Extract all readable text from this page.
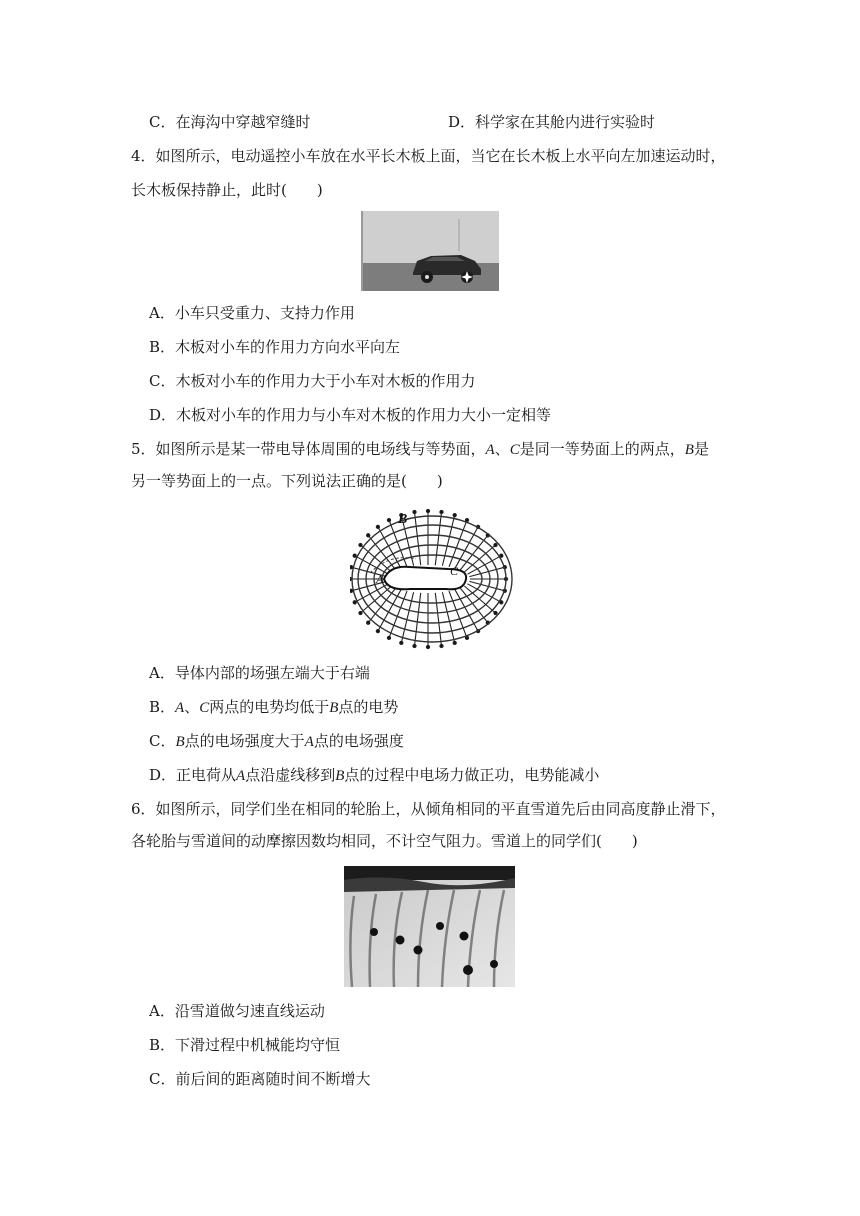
C．在海沟中穿越窄缝时	D．科学家在其舱内进行实验时
4．如图所示，电动遥控小车放在水平长木板上面，当它在长木板上水平向左加速运动时，
长木板保持静止，此时(　　)
A．小车只受重力、支持力作用
B．木板对小车的作用力方向水平向左
C．木板对小车的作用力大于小车对木板的作用力
D．木板对小车的作用力与小车对木板的作用力大小一定相等
5．如图所示是某一带电导体周围的电场线与等势面，A、C是同一等势面上的两点，B是
另一等势面上的一点。下列说法正确的是(　　)
B
A
C
A．导体内部的场强左端大于右端
B．A、C两点的电势均低于B点的电势
C．B点的电场强度大于A点的电场强度
D．正电荷从A点沿虚线移到B点的过程中电场力做正功，电势能减小
6．如图所示，同学们坐在相同的轮胎上，从倾角相同的平直雪道先后由同高度静止滑下，
各轮胎与雪道间的动摩擦因数均相同，不计空气阻力。雪道上的同学们(　　)
A．沿雪道做匀速直线运动
B．下滑过程中机械能均守恒
C．前后间的距离随时间不断增大
